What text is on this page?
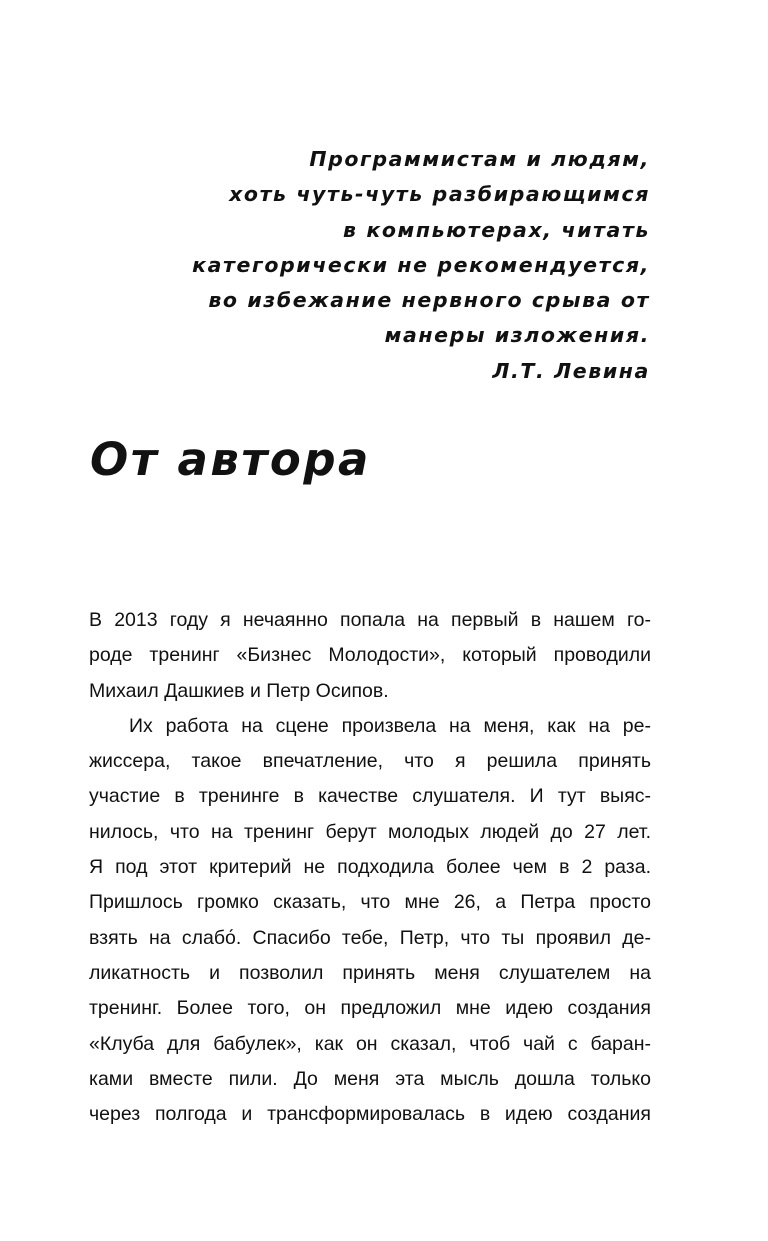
Программистам и людям,
хоть чуть-чуть разбирающимся
в компьютерах, читать
категорически не рекомендуется,
во избежание нервного срыва от
манеры изложения.
Л.Т. Левина
От автора
В 2013 году я нечаянно попала на первый в нашем го-
роде тренинг «Бизнес Молодости», который проводили
Михаил Дашкиев и Петр Осипов.
Их работа на сцене произвела на меня, как на ре-
жиссера, такое впечатление, что я решила принять
участие в тренинге в качестве слушателя. И тут выяс-
нилось, что на тренинг берут молодых людей до 27 лет.
Я под этот критерий не подходила более чем в 2 раза.
Пришлось громко сказать, что мне 26, а Петра просто
взять на слабо́. Спасибо тебе, Петр, что ты проявил де-
ликатность и позволил принять меня слушателем на
тренинг. Более того, он предложил мне идею создания
«Клуба для бабулек», как он сказал, чтоб чай с баран-
ками вместе пили. До меня эта мысль дошла только
через полгода и трансформировалась в идею создания
